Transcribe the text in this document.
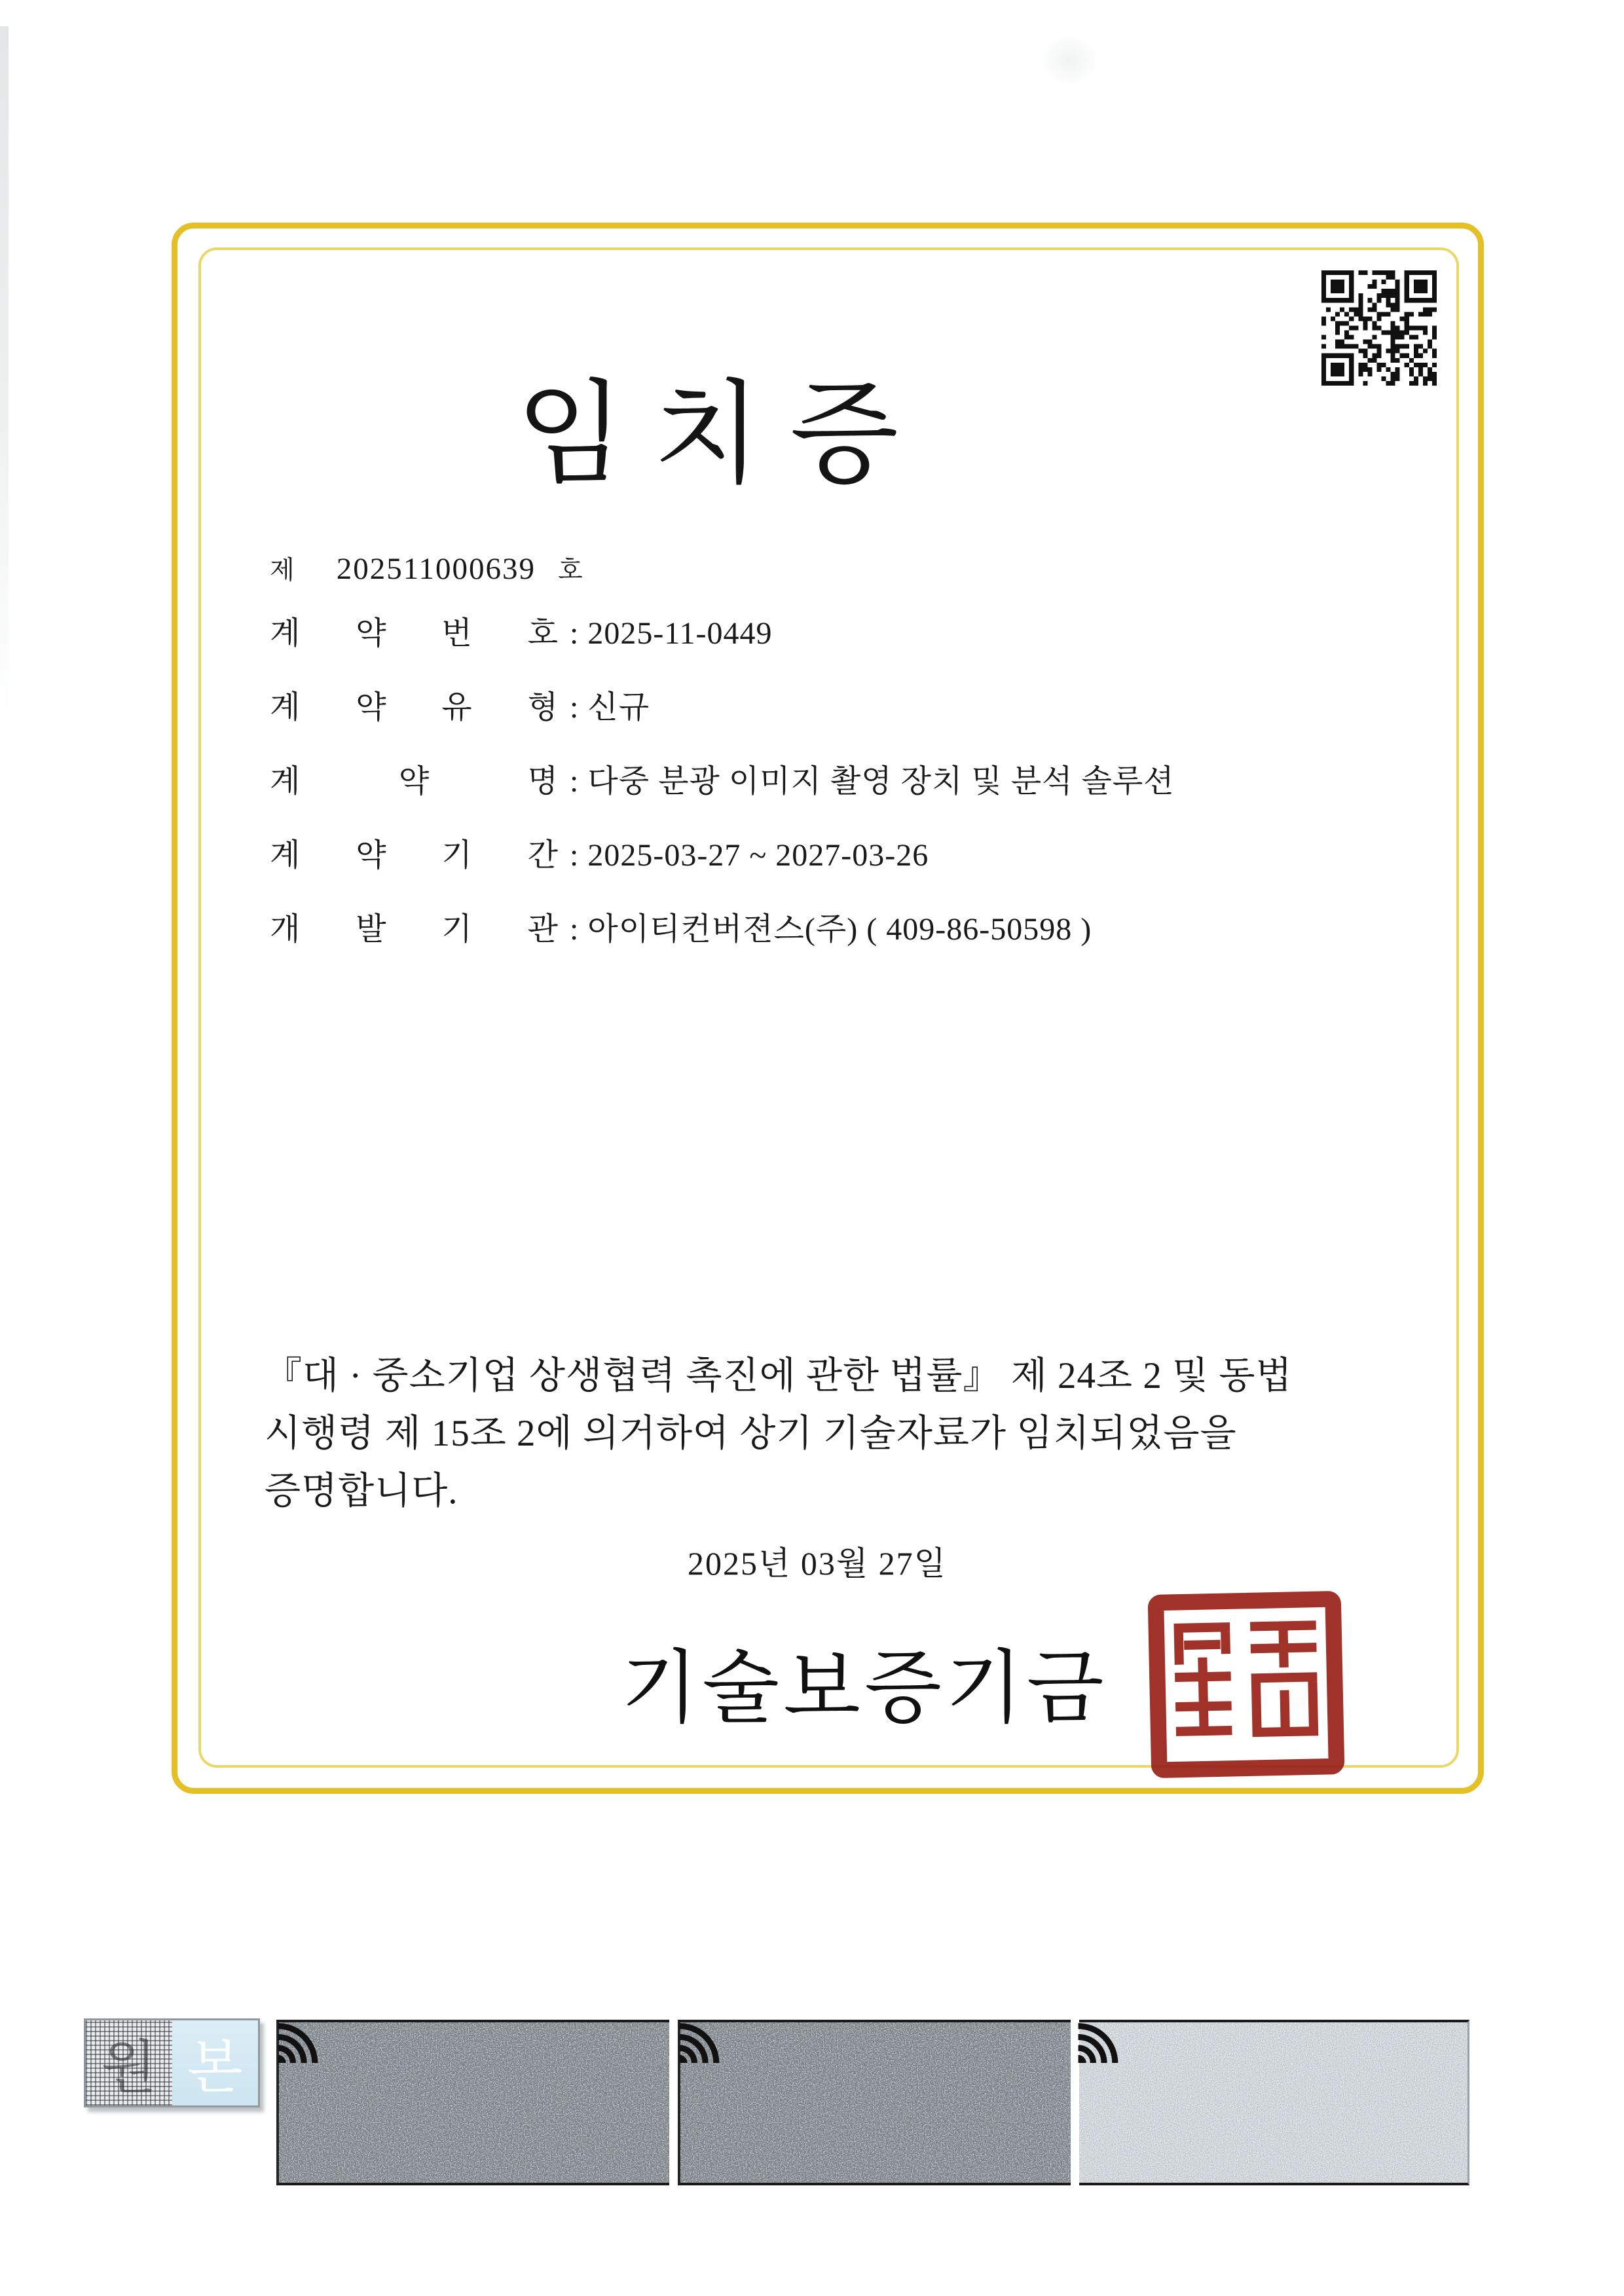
임 치 증
제 202511000639 호
계 약 번 호 : 2025-11-0449
계 약 유 형 : 신규
계 약 명 : 다중 분광 이미지 촬영 장치 및 분석 솔루션
계 약 기 간 : 2025-03-27 ~ 2027-03-26
개 발 기 관 : 아이티컨버젼스(주) ( 409-86-50598 )
『대 · 중소기업 상생협력 촉진에 관한 법률』 제 24조 2 및 동법
시행령 제 15조 2에 의거하여 상기 기술자료가 임치되었음을
증명합니다.
2025년 03월 27일
기술보증기금
원 본
